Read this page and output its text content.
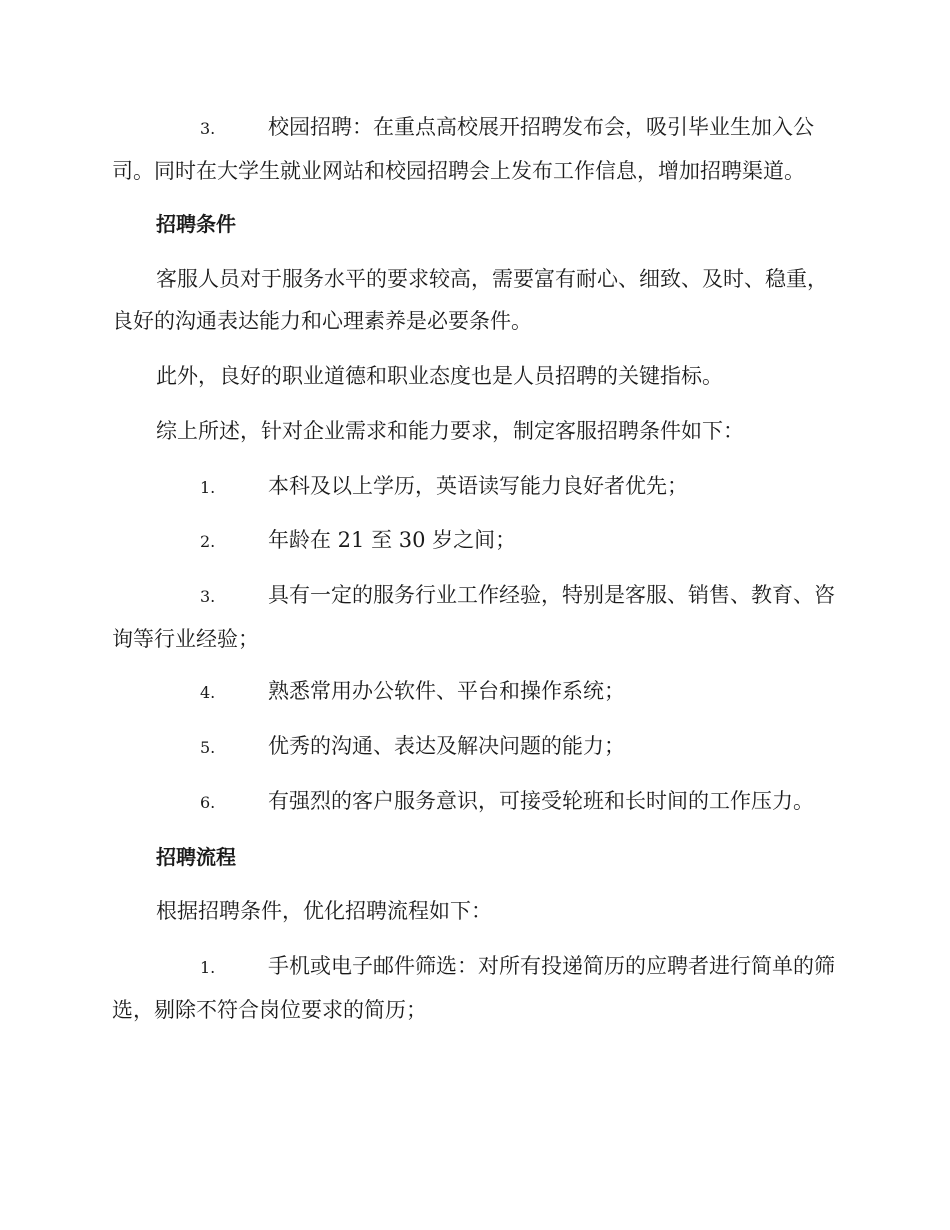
3.	校园招聘：在重点高校展开招聘发布会，吸引毕业生加入公司。同时在大学生就业网站和校园招聘会上发布工作信息，增加招聘渠道。
招聘条件
客服人员对于服务水平的要求较高，需要富有耐心、细致、及时、稳重，良好的沟通表达能力和心理素养是必要条件。
此外，良好的职业道德和职业态度也是人员招聘的关键指标。
综上所述，针对企业需求和能力要求，制定客服招聘条件如下：
1.	本科及以上学历，英语读写能力良好者优先；
2.	年龄在 21 至 30 岁之间；
3.	具有一定的服务行业工作经验，特别是客服、销售、教育、咨询等行业经验；
4.	熟悉常用办公软件、平台和操作系统；
5.	优秀的沟通、表达及解决问题的能力；
6.	有强烈的客户服务意识，可接受轮班和长时间的工作压力。
招聘流程
根据招聘条件，优化招聘流程如下：
1.	手机或电子邮件筛选：对所有投递简历的应聘者进行简单的筛选，剔除不符合岗位要求的简历；
